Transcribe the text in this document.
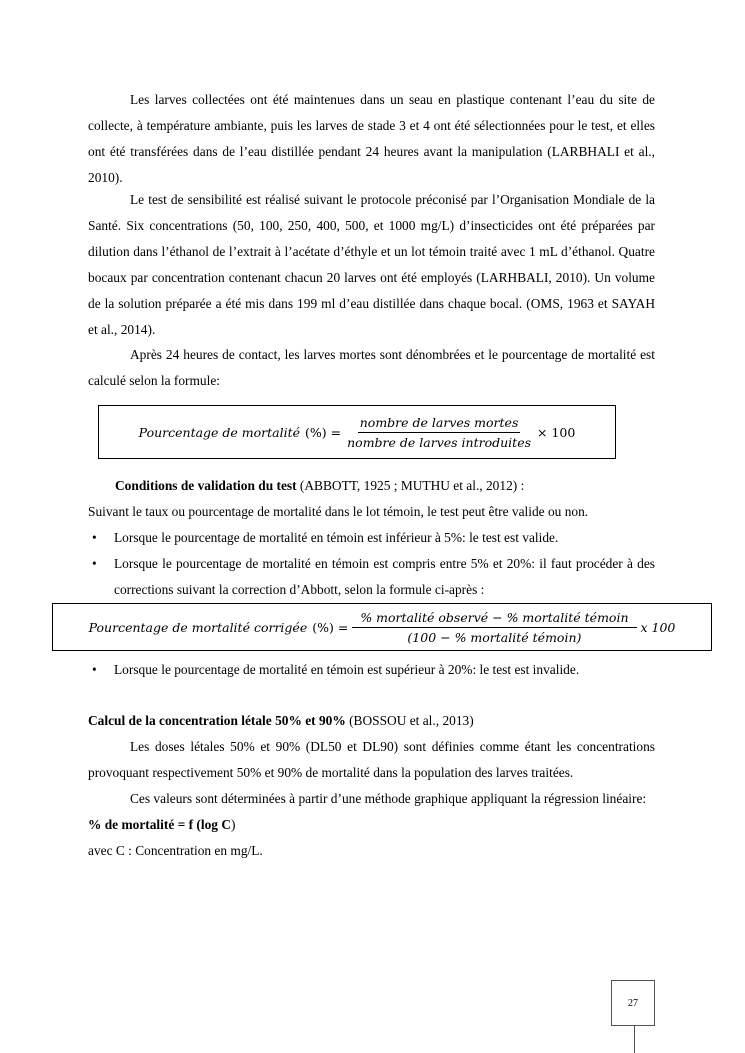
Les larves collectées ont été maintenues dans un seau en plastique contenant l’eau du site de collecte, à température ambiante, puis les larves de stade 3 et 4 ont été sélectionnées pour le test, et elles ont été transférées dans de l’eau distillée pendant 24 heures avant la manipulation (LARBHALI et al., 2010).

Le test de sensibilité est réalisé suivant le protocole préconisé par l’Organisation Mondiale de la Santé. Six concentrations (50, 100, 250, 400, 500, et 1000 mg/L) d’insecticides ont été préparées par dilution dans l’éthanol de l’extrait à l’acétate d’éthyle et un lot témoin traité avec 1 mL d’éthanol. Quatre bocaux par concentration contenant chacun 20 larves ont été employés (LARHBALI, 2010). Un volume de la solution préparée a été mis dans 199 ml d’eau distillée dans chaque bocal. (OMS, 1963 et SAYAH et al., 2014).

Après 24 heures de contact, les larves mortes sont dénombrées et le pourcentage de mortalité est calculé selon la formule:

Pourcentage de mortalité (%) = $\frac{\text{nombre de larves mortes}}{\text{nombre de larves introduites}} \times 100$

Conditions de validation du test (ABBOTT, 1925 ; MUTHU et al., 2012) :

Suivant le taux ou pourcentage de mortalité dans le lot témoin, le test peut être valide ou non.

• Lorsque le pourcentage de mortalité en témoin est inférieur à 5%: le test est valide.
• Lorsque le pourcentage de mortalité en témoin est compris entre 5% et 20%: il faut procéder à des corrections suivant la correction d’Abbott, selon la formule ci-après :
Pourcentage de mortalité corrigée (%) = $\frac{\text{\% mortalité observé − \% mortalité témoin}}{\text{(100 − \% mortalité témoin)}}$ x 100
• Lorsque le pourcentage de mortalité en témoin est supérieur à 20%: le test est invalide.

Calcul de la concentration létale 50% et 90% (BOSSOU et al., 2013)

Les doses létales 50% et 90% (DL50 et DL90) sont définies comme étant les concentrations provoquant respectivement 50% et 90% de mortalité dans la population des larves traitées.

Ces valeurs sont déterminées à partir d’une méthode graphique appliquant la régression linéaire:

% de mortalité = f (log C)

avec C : Concentration en mg/L.

27
